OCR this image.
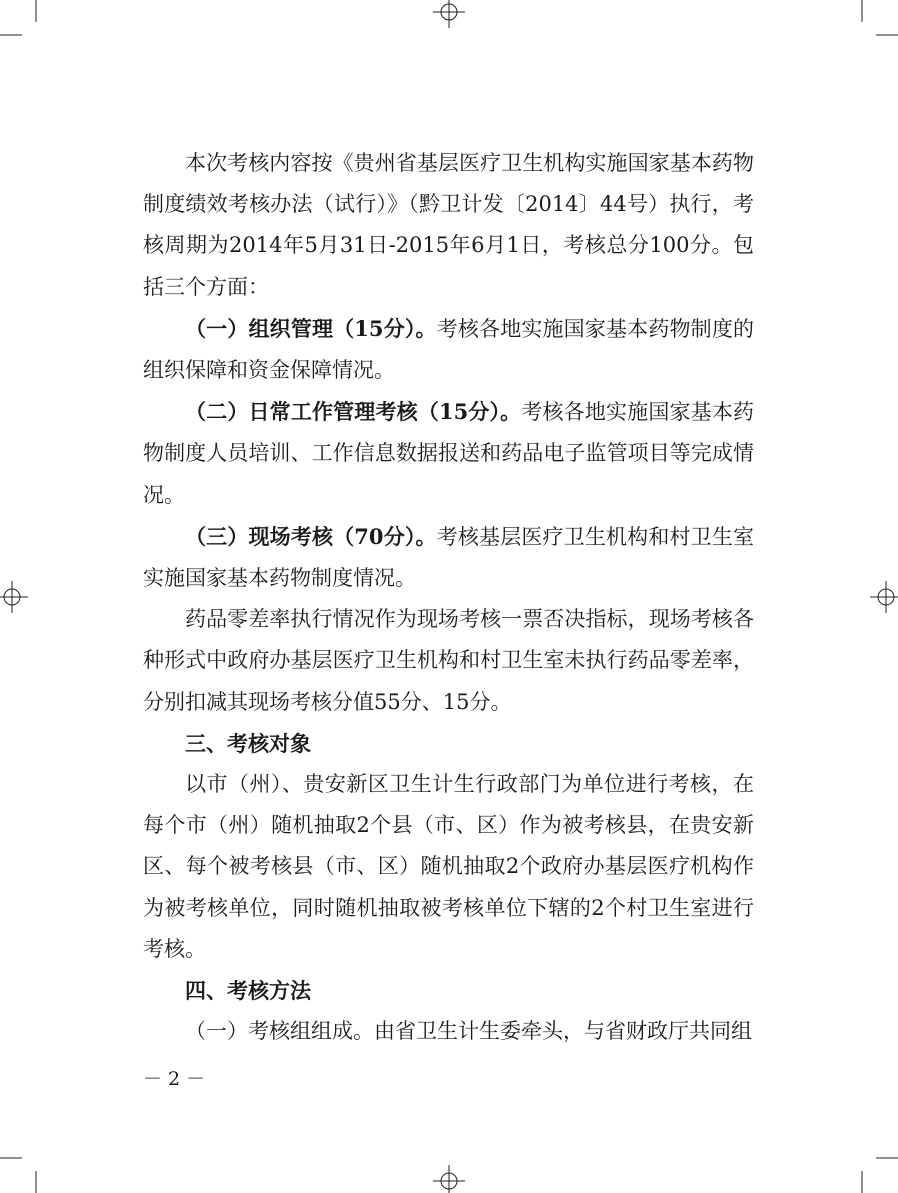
本次考核内容按《贵州省基层医疗卫生机构实施国家基本药物制度绩效考核办法（试行）》（黔卫计发〔2014〕44号）执行，考核周期为2014年5月31日-2015年6月1日，考核总分100分。包括三个方面：

（一）组织管理（15分）。考核各地实施国家基本药物制度的组织保障和资金保障情况。

（二）日常工作管理考核（15分）。考核各地实施国家基本药物制度人员培训、工作信息数据报送和药品电子监管项目等完成情况。

（三）现场考核（70分）。考核基层医疗卫生机构和村卫生室实施国家基本药物制度情况。

药品零差率执行情况作为现场考核一票否决指标，现场考核各种形式中政府办基层医疗卫生机构和村卫生室未执行药品零差率，分别扣减其现场考核分值55分、15分。

三、考核对象

以市（州）、贵安新区卫生计生行政部门为单位进行考核，在每个市（州）随机抽取2个县（市、区）作为被考核县，在贵安新区、每个被考核县（市、区）随机抽取2个政府办基层医疗机构作为被考核单位，同时随机抽取被考核单位下辖的2个村卫生室进行考核。

四、考核方法

（一）考核组组成。由省卫生计生委牵头，与省财政厅共同组

－ 2 －
